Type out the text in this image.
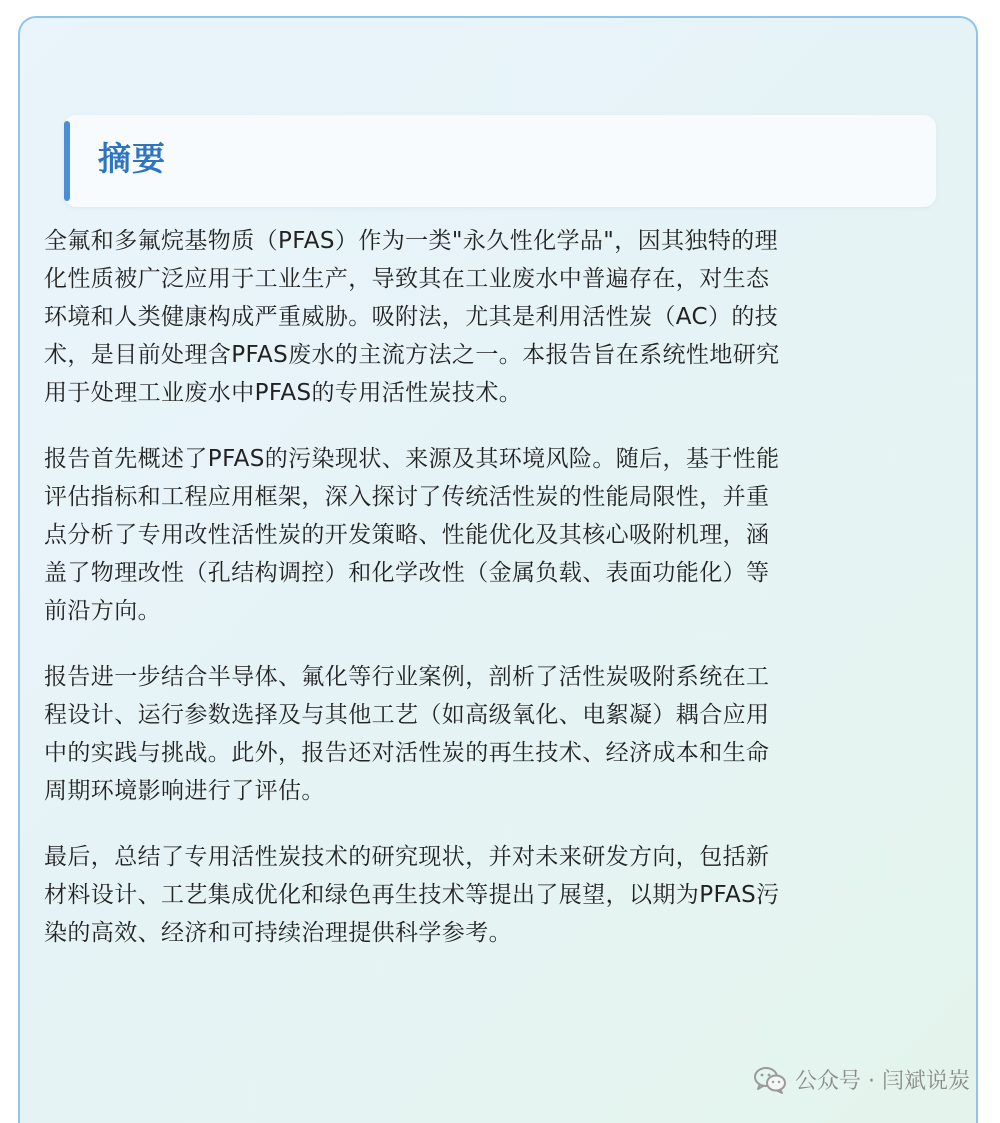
摘要
全氟和多氟烷基物质（PFAS）作为一类"永久性化学品"，因其独特的理
化性质被广泛应用于工业生产，导致其在工业废水中普遍存在，对生态
环境和人类健康构成严重威胁。吸附法，尤其是利用活性炭（AC）的技
术，是目前处理含PFAS废水的主流方法之一。本报告旨在系统性地研究
用于处理工业废水中PFAS的专用活性炭技术。
报告首先概述了PFAS的污染现状、来源及其环境风险。随后，基于性能
评估指标和工程应用框架，深入探讨了传统活性炭的性能局限性，并重
点分析了专用改性活性炭的开发策略、性能优化及其核心吸附机理，涵
盖了物理改性（孔结构调控）和化学改性（金属负载、表面功能化）等
前沿方向。
报告进一步结合半导体、氟化等行业案例，剖析了活性炭吸附系统在工
程设计、运行参数选择及与其他工艺（如高级氧化、电絮凝）耦合应用
中的实践与挑战。此外，报告还对活性炭的再生技术、经济成本和生命
周期环境影响进行了评估。
最后，总结了专用活性炭技术的研究现状，并对未来研发方向，包括新
材料设计、工艺集成优化和绿色再生技术等提出了展望，以期为PFAS污
染的高效、经济和可持续治理提供科学参考。
公众号 · 闫斌说炭
